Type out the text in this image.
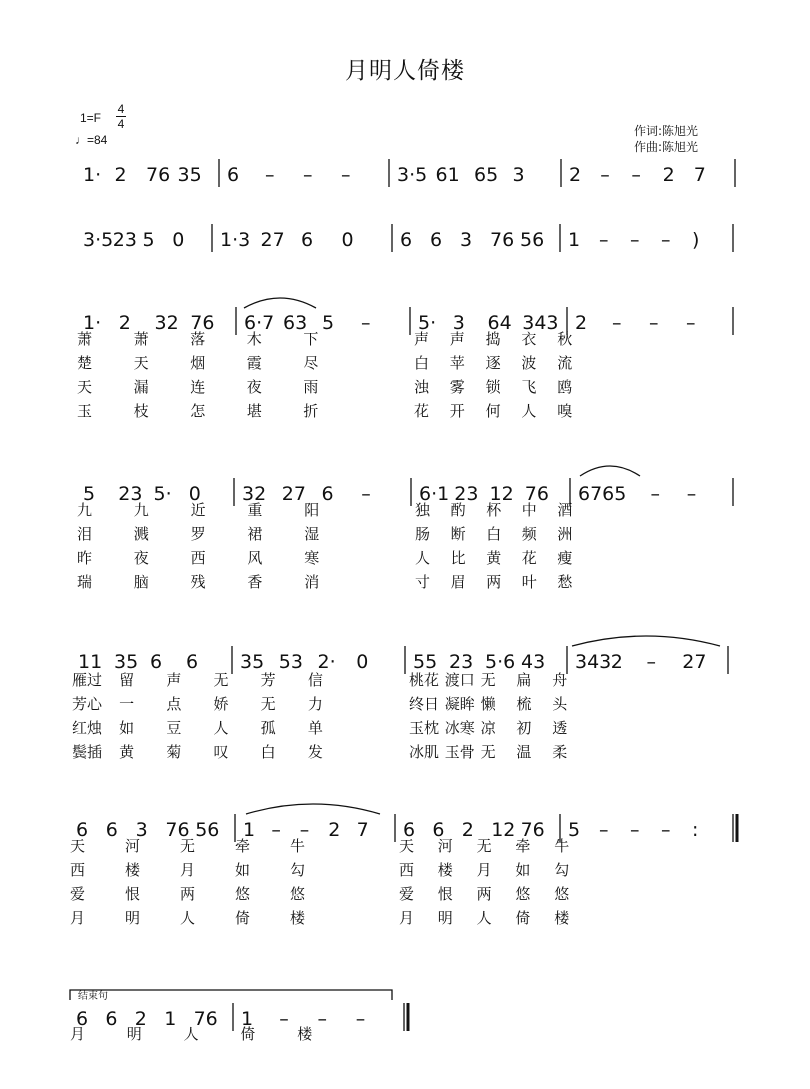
月明人倚楼
1=F
4
4
♩=84
作词:陈旭光
作曲:陈旭光
结束句
1· 2 76 35 6 – – – 3·5 61 65 3 2 – – 2 7
3·5 23 5 0 1·3 27 6 0 6 6 3 76 56 1 – – – )
1· 2 32 76 6·7 63 5 –	5· 3 64 343 2 – – –
5 23 5· 0 32 27 6 –	6·1 23 12 76 676 5 – –
11 35 6 6 35 53 2· 0 55 23 5·6 43 343 2 – 27
6 6 3 76 56 1 – – 2 7 6 6 2 12 76 5 – – – :
6 6 2 1 76 1 – – –
萧	萧	落	木	下	声 声 捣 衣 秋
楚	天	烟	霞	尽	白 苹 逐 波 流
天	漏	连	夜	雨	浊 雾 锁 飞 鸥
玉	枝	怎	堪	折	花 开 何 人 嗅
九	九	近	重	阳	独 酌 杯 中 酒
泪	溅	罗	裙	湿	肠 断 白 频 洲
昨	夜	西	风	寒	人 比 黄 花 瘦
瑞	脑	残	香	消	寸 眉 两 叶 愁
雁过 留 声 无 芳 信	桃花 渡口 无 扁 舟
芳心 一 点 娇 无 力	终日 凝眸 懒 梳 头
红烛 如 豆 人 孤 单	玉枕 冰寒 凉 初 透
鬓插 黄 菊 叹 白 发	冰肌 玉骨 无 温 柔
天	河	无	牵	牛	天 河 无 牵 牛
西	楼	月	如	勾	西 楼 月 如 勾
爱	恨	两	悠	悠	爱 恨 两 悠 悠
月	明	人	倚	楼	月 明 人 倚 楼
月	明	人	倚	楼
